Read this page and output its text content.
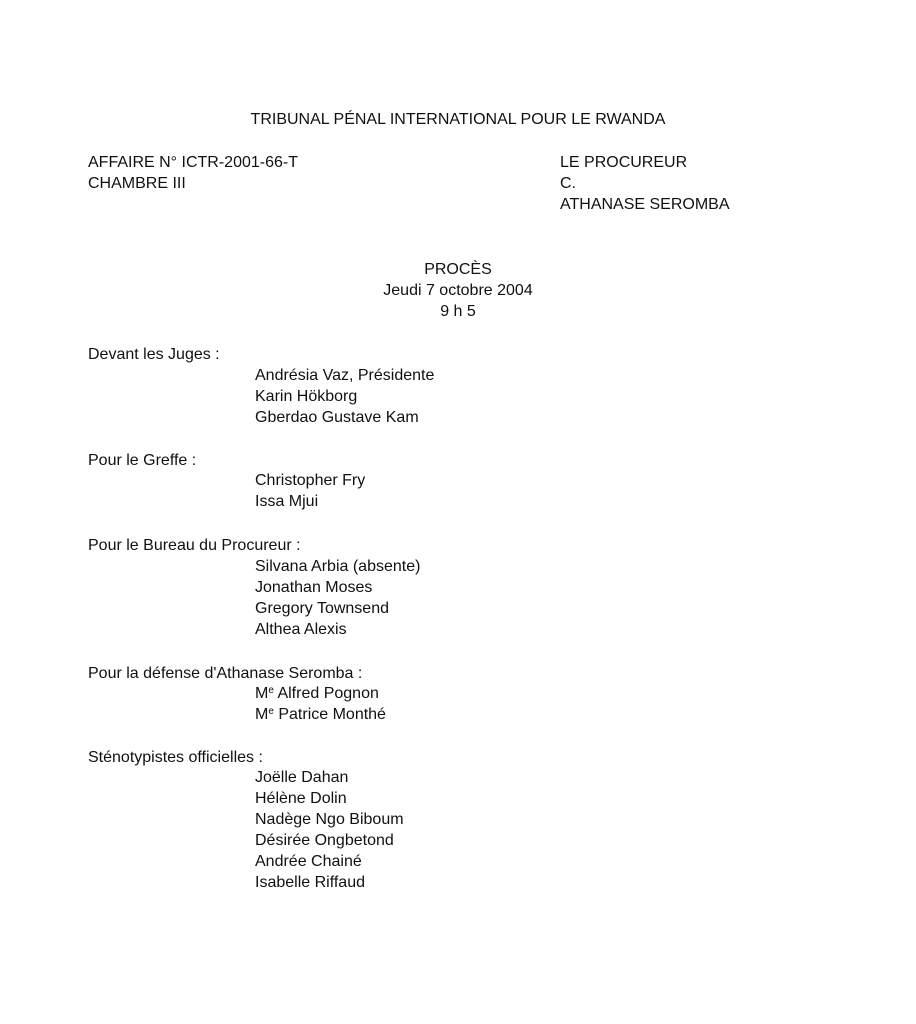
TRIBUNAL PÉNAL INTERNATIONAL POUR LE RWANDA
AFFAIRE N° ICTR-2001-66-T
CHAMBRE III
LE PROCUREUR
C.
ATHANASE SEROMBA
PROCÈS
Jeudi 7 octobre 2004
9 h 5
Devant les Juges :
Andrésia Vaz, Présidente
Karin Hökborg
Gberdao Gustave Kam
Pour le Greffe :
Christopher Fry
Issa Mjui
Pour le Bureau du Procureur :
Silvana Arbia (absente)
Jonathan Moses
Gregory Townsend
Althea Alexis
Pour la défense d'Athanase Seromba :
Me Alfred Pognon
Me Patrice Monthé
Sténotypistes officielles :
Joëlle Dahan
Hélène Dolin
Nadège Ngo Biboum
Désirée Ongbetond
Andrée Chainé
Isabelle Riffaud
